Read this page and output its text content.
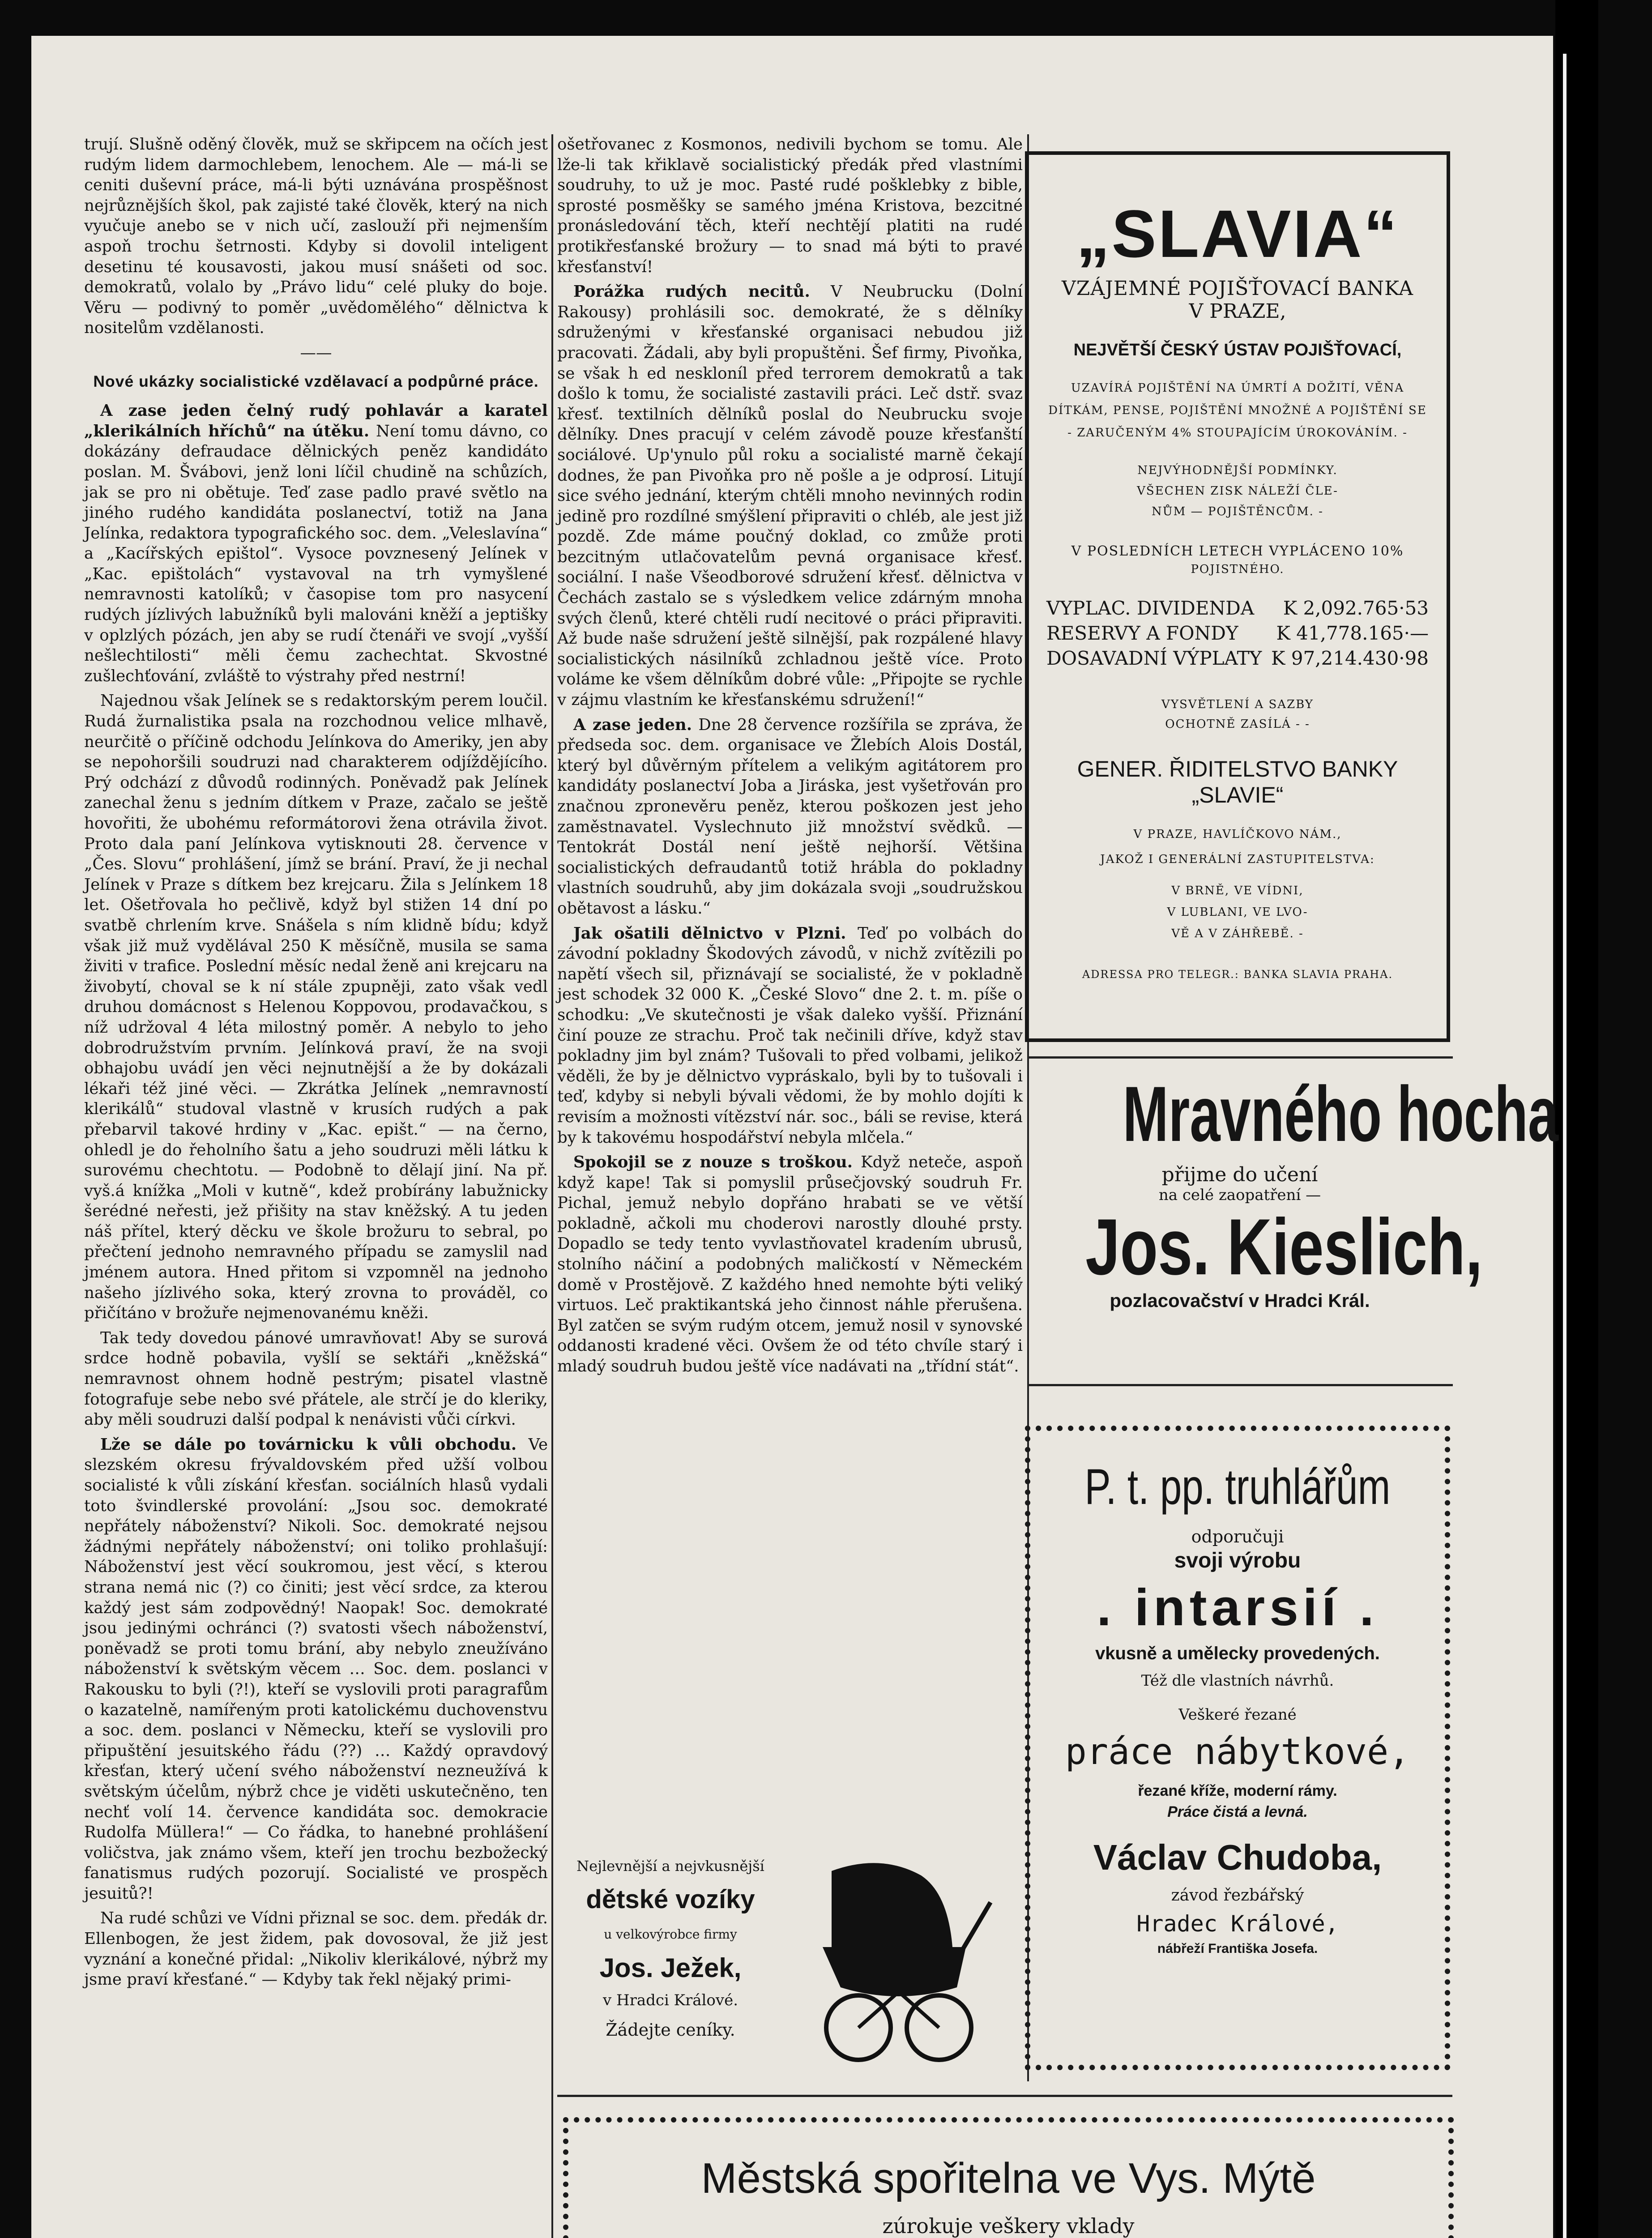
trují. Slušně oděný člověk, muž se skřipcem na očích jest rudým lidem darmochlebem, lenochem. Ale — má-li se ceniti duševní práce, má-li býti uznávána prospěšnost nejrůznějších škol, pak zajisté také člověk, který na nich vyučuje anebo se v nich učí, zaslouží při nejmenším aspoň trochu šetrnosti. Kdyby si dovolil inteligent desetinu té kousavosti, jakou musí snášeti od soc. demokratů, volalo by „Právo lidu“ celé pluky do boje. Věru — podivný to poměr „uvědomělého“ dělnictva k nositelům vzdělanosti.

——

Nové ukázky socialistické vzdělavací a podpůrné práce.

A zase jeden čelný rudý pohlavár a karatel „klerikálních hříchů“ na útěku. Není tomu dávno, co dokázány defraudace dělnických peněz kandidáto poslan. M. Švábovi, jenž loni líčil chudině na schůzích, jak se pro ni obětuje. Teď zase padlo pravé světlo na jiného rudého kandidáta poslanectví, totiž na Jana Jelínka, redaktora typografického soc. dem. „Veleslavína“ a „Kacířských epištol“. Vysoce povznesený Jelínek v „Kac. epištolách“ vystavoval na trh vymyšlené nemravnosti katolíků; v časopise tom pro nasycení rudých jízlivých labužníků byli malováni kněží a jeptišky v oplzlých pózách, jen aby se rudí čtenáři ve svojí „vyšší nešlechtilosti“ měli čemu zachechtat. Skvostné zušlechťování, zvláště to výstrahy před nestrní!

Najednou však Jelínek se s redaktorským perem loučil. Rudá žurnalistika psala na rozchodnou velice mlhavě, neurčitě o příčině odchodu Jelínkova do Ameriky, jen aby se nepohoršili soudruzi nad charakterem odjíždějícího. Prý odchází z důvodů rodinných. Poněvadž pak Jelínek zanechal ženu s jedním dítkem v Praze, začalo se ještě hovořiti, že ubohému reformátorovi žena otrávila život. Proto dala paní Jelínkova vytisknouti 28. července v „Čes. Slovu“ prohlášení, jímž se brání. Praví, že ji nechal Jelínek v Praze s dítkem bez krejcaru. Žila s Jelínkem 18 let. Ošetřovala ho pečlivě, když byl stižen 14 dní po svatbě chrlením krve. Snášela s ním klidně bídu; když však již muž vydělával 250 K měsíčně, musila se sama živiti v trafice. Poslední měsíc nedal ženě ani krejcaru na živobytí, choval se k ní stále zpupněji, zato však vedl druhou domácnost s Helenou Koppovou, prodavačkou, s níž udržoval 4 léta milostný poměr. A nebylo to jeho dobrodružstvím prvním. Jelínková praví, že na svoji obhajobu uvádí jen věci nejnutnější a že by dokázali lékaři též jiné věci. — Zkrátka Jelínek „nemravností klerikálů“ studoval vlastně v krusích rudých a pak přebarvil takové hrdiny v „Kac. epišt.“ — na černo, ohledl je do řeholního šatu a jeho soudruzi měli látku k surovému chechtotu. — Podobně to dělají jiní. Na př. vyš.á knížka „Moli v kutně“, kdež probírány labužnicky šerédné neřesti, jež přišity na stav kněžský. A tu jeden náš přítel, který děcku ve škole brožuru to sebral, po přečtení jednoho nemravného případu se zamyslil nad jménem autora. Hned přitom si vzpomněl na jednoho našeho jízlivého soka, který zrovna to prováděl, co přičítáno v brožuře nejmenovanému kněži.

Tak tedy dovedou pánové umravňovat! Aby se surová srdce hodně pobavila, vyšlí se sektáři „kněžská“ nemravnost ohnem hodně pestrým; pisatel vlastně fotografuje sebe nebo své přátele, ale strčí je do kleriky, aby měli soudruzi další podpal k nenávisti vůči církvi.

Lže se dále po továrnicku k vůli obchodu. Ve slezském okresu frývaldovském před užší volbou socialisté k vůli získání křesťan. sociálních hlasů vydali toto švindlerské provolání: „Jsou soc. demokraté nepřátely náboženství? Nikoli. Soc. demokraté nejsou žádnými nepřátely náboženství; oni toliko prohlašují: Náboženství jest věcí soukromou, jest věcí, s kterou strana nemá nic (?) co činiti; jest věcí srdce, za kterou každý jest sám zodpovědný! Naopak! Soc. demokraté jsou jedinými ochránci (?) svatosti všech náboženství, poněvadž se proti tomu brání, aby nebylo zneužíváno náboženství k světským věcem … Soc. dem. poslanci v Rakousku to byli (?!), kteří se vyslovili proti paragrafům o kazatelně, namířeným proti katolickému duchovenstvu a soc. dem. poslanci v Německu, kteří se vyslovili pro připuštění jesuitského řádu (??) … Každý opravdový křesťan, který učení svého náboženství nezneužívá k světským účelům, nýbrž chce je viděti uskutečněno, ten nechť volí 14. července kandidáta soc. demokracie Rudolfa Müllera!“ — Co řádka, to hanebné prohlášení voličstva, jak známo všem, kteří jen trochu bezbožecký fanatismus rudých pozorují. Socialisté ve prospěch jesuitů?!

Na rudé schůzi ve Vídni přiznal se soc. dem. předák dr. Ellenbogen, že jest židem, pak dovosoval, že již jest vyznání a konečné přidal: „Nikoliv klerikálové, nýbrž my jsme praví křesťané.“ — Kdyby tak řekl nějaký primi-

ošetřovanec z Kosmonos, nedivili bychom se tomu. Ale lže-li tak křiklavě socialistický předák před vlastními soudruhy, to už je moc. Pasté rudé pošklebky z bible, sprosté posměšky se samého jména Kristova, bezcitné pronásledování těch, kteří nechtějí platiti na rudé protikřesťanské brožury — to snad má býti to pravé křesťanství!

Porážka rudých necitů. V Neubrucku (Dolní Rakousy) prohlásili soc. demokraté, že s dělníky sdruženými v křesťanské organisaci nebudou již pracovati. Žádali, aby byli propuštěni. Šef firmy, Pivoňka, se však h ed neskloníl před terrorem demokratů a tak došlo k tomu, že socialisté zastavili práci. Leč dstř. svaz křesť. textilních dělníků poslal do Neubrucku svoje dělníky. Dnes pracují v celém závodě pouze křesťanští sociálové. Up'ynulo půl roku a socialisté marně čekají dodnes, že pan Pivoňka pro ně pošle a je odprosí. Litují sice svého jednání, kterým chtěli mnoho nevinných rodin jedině pro rozdílné smýšlení připraviti o chléb, ale jest již pozdě. Zde máme poučný doklad, co zmůže proti bezcitným utlačovatelům pevná organisace křesť. sociální. I naše Všeodborové sdružení křesť. dělnictva v Čechách zastalo se s výsledkem velice zdárným mnoha svých členů, které chtěli rudí necitové o práci připraviti. Až bude naše sdružení ještě silnější, pak rozpálené hlavy socialistických násilníků zchladnou ještě více. Proto voláme ke všem dělníkům dobré vůle: „Připojte se rychle v zájmu vlastním ke křesťanskému sdružení!“

A zase jeden. Dne 28 července rozšířila se zpráva, že předseda soc. dem. organisace ve Žlebích Alois Dostál, který byl důvěrným přítelem a velikým agitátorem pro kandidáty poslanectví Joba a Jiráska, jest vyšetřován pro značnou zpronevěru peněz, kterou poškozen jest jeho zaměstnavatel. Vyslechnuto již množství svědků. — Tentokrát Dostál není ještě nejhorší. Většina socialistických defraudantů totiž hrábla do pokladny vlastních soudruhů, aby jim dokázala svoji „soudružskou obětavost a lásku.“

Jak ošatili dělnictvo v Plzni. Teď po volbách do závodní pokladny Škodových závodů, v nichž zvítězili po napětí všech sil, přiznávají se socialisté, že v pokladně jest schodek 32 000 K. „České Slovo“ dne 2. t. m. píše o schodku: „Ve skutečnosti je však daleko vyšší. Přiznání činí pouze ze strachu. Proč tak nečinili dříve, když stav pokladny jim byl znám? Tušovali to před volbami, jelikož věděli, že by je dělnictvo vypráskalo, byli by to tušovali i teď, kdyby si nebyli bývali vědomi, že by mohlo dojíti k revisím a možnosti vítězství nár. soc., báli se revise, která by k takovému hospodářství nebyla mlčela.“

Spokojil se z nouze s troškou. Když neteče, aspoň když kape! Tak si pomyslil průsečjovský soudruh Fr. Pichal, jemuž nebylo dopřáno hrabati se ve větší pokladně, ačkoli mu choderovi narostly dlouhé prsty. Dopadlo se tedy tento vyvlastňovatel kradením ubrusů, stolního náčiní a podobných maličkostí v Německém domě v Prostějově. Z každého hned nemohte býti veliký virtuos. Leč praktikantská jeho činnost náhle přerušena. Byl zatčen se svým rudým otcem, jemuž nosil v synovské oddanosti kradené věci. Ovšem že od této chvíle starý i mladý soudruh budou ještě více nadávati na „třídní stát“.

„SLAVIA“
VZÁJEMNÉ POJIŠŤOVACÍ BANKA
V PRAZE,
NEJVĚTŠÍ ČESKÝ ÚSTAV POJIŠŤOVACÍ,
UZAVÍRÁ POJIŠTĚNÍ NA ÚMRTÍ A DOŽITÍ, VĚNA
DÍTKÁM, PENSE, POJIŠTĚNÍ MNOŽNÉ A POJIŠTĚNÍ SE
- ZARUČENÝM 4% STOUPAJÍCÍM ÚROKOVÁNÍM. -
NEJVÝHODNĚJŠÍ PODMÍNKY.
VŠECHEN ZISK NÁLEŽÍ ČLE-
NŮM — POJIŠTĚNCŮM. -
V POSLEDNÍCH LETECH VYPLÁCENO 10%
POJISTNÉHO.
VYPLAC. DIVIDENDA K 2,092.765·53
RESERVY A FONDY K 41,778.165·—
DOSAVADNÍ VÝPLATY K 97,214.430·98
VYSVĚTLENÍ A SAZBY
OCHOTNĚ ZASÍLÁ - -
GENER. ŘIDITELSTVO BANKY „SLAVIE“
V PRAZE, HAVLÍČKOVO NÁM.,
JAKOŽ I GENERÁLNÍ ZASTUPITELSTVA:
V BRNĚ, VE VÍDNI,
V LUBLANI, VE LVO-
VĚ A V ZÁHŘEBĚ. -
ADRESSA PRO TELEGR.: BANKA SLAVIA PRAHA.
Mravného hocha
přijme do učení
na celé zaopatření —
Jos. Kieslich,
pozlacovačství v Hradci Král.
P. t. pp. truhlářům
odporučuji
svoji výrobu
. intarsií .
vkusně a umělecky provedených.
Též dle vlastních návrhů.
Veškeré řezané
práce nábytkové,
řezané kříže, moderní rámy.
Práce čistá a levná.
Václav Chudoba,
závod řezbářský
Hradec Králové,
nábřeží Františka Josefa.
Nejlevnější a nejvkusnější
dětské vozíky
u velkovýrobce firmy
Jos. Ježek,
v Hradci Králové.
Žádejte ceníky.
Městská spořitelna ve Vys. Mýtě
zúrokuje veškery vklady
